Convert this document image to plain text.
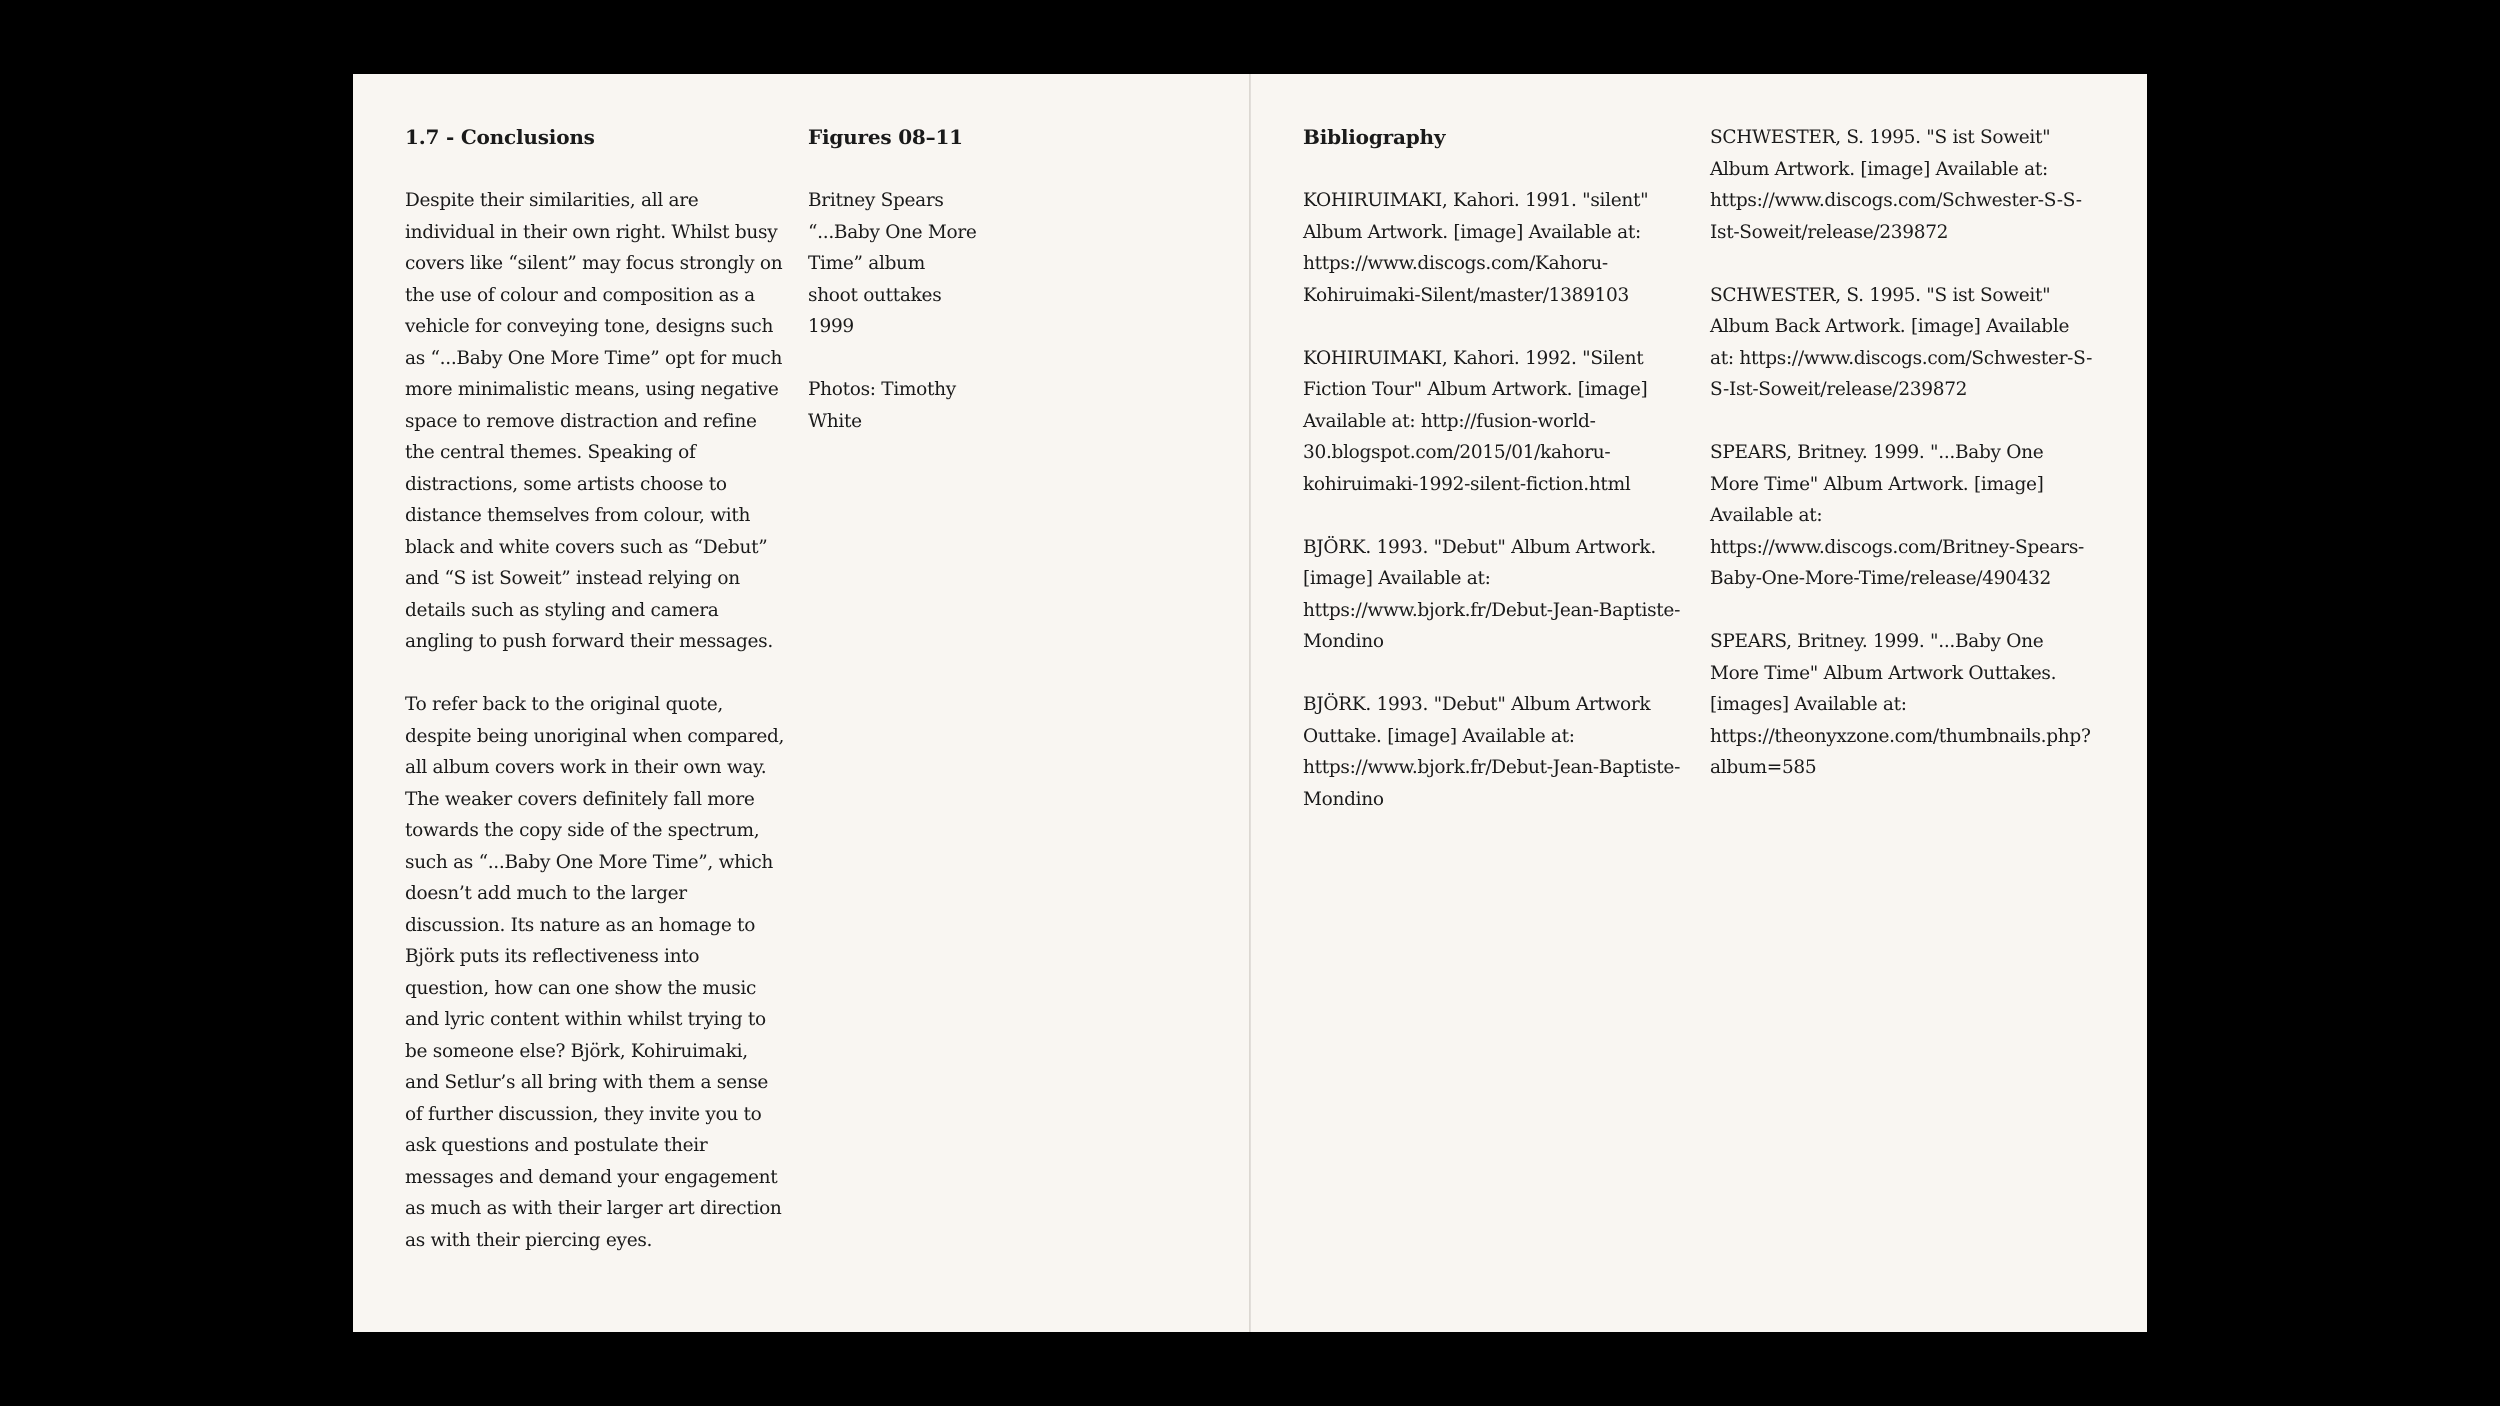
1.7 - Conclusions

Despite their similarities, all are individual in their own right. Whilst busy covers like “silent” may focus strongly on the use of colour and composition as a vehicle for conveying tone, designs such as “...Baby One More Time” opt for much more minimalistic means, using negative space to remove distraction and refine the central themes. Speaking of distractions, some artists choose to distance themselves from colour, with black and white covers such as “Debut” and “S ist Soweit” instead relying on details such as styling and camera angling to push forward their messages.

To refer back to the original quote, despite being unoriginal when compared, all album covers work in their own way. The weaker covers definitely fall more towards the copy side of the spectrum, such as “...Baby One More Time”, which doesn’t add much to the larger discussion. Its nature as an homage to Björk puts its reflectiveness into question, how can one show the music and lyric content within whilst trying to be someone else? Björk, Kohiruimaki, and Setlur’s all bring with them a sense of further discussion, they invite you to ask questions and postulate their messages and demand your engagement as much as with their larger art direction as with their piercing eyes.

Figures 08–11

Britney Spears “...Baby One More Time” album shoot outtakes 1999

Photos: Timothy White

Bibliography

KOHIRUIMAKI, Kahori. 1991. "silent" Album Artwork. [image] Available at: https://www.discogs.com/Kahoru-Kohiruimaki-Silent/master/1389103

KOHIRUIMAKI, Kahori. 1992. "Silent Fiction Tour" Album Artwork. [image] Available at: http://fusion-world-30.blogspot.com/2015/01/kahoru-kohiruimaki-1992-silent-fiction.html

BJÖRK. 1993. "Debut" Album Artwork. [image] Available at: https://www.bjork.fr/Debut-Jean-Baptiste-Mondino

BJÖRK. 1993. "Debut" Album Artwork Outtake. [image] Available at: https://www.bjork.fr/Debut-Jean-Baptiste-Mondino

SCHWESTER, S. 1995. "S ist Soweit" Album Artwork. [image] Available at: https://www.discogs.com/Schwester-S-S-Ist-Soweit/release/239872

SCHWESTER, S. 1995. "S ist Soweit" Album Back Artwork. [image] Available at: https://www.discogs.com/Schwester-S-S-Ist-Soweit/release/239872

SPEARS, Britney. 1999. "...Baby One More Time" Album Artwork. [image] Available at: https://www.discogs.com/Britney-Spears-Baby-One-More-Time/release/490432

SPEARS, Britney. 1999. "...Baby One More Time" Album Artwork Outtakes. [images] Available at: https://theonyxzone.com/thumbnails.php?album=585
